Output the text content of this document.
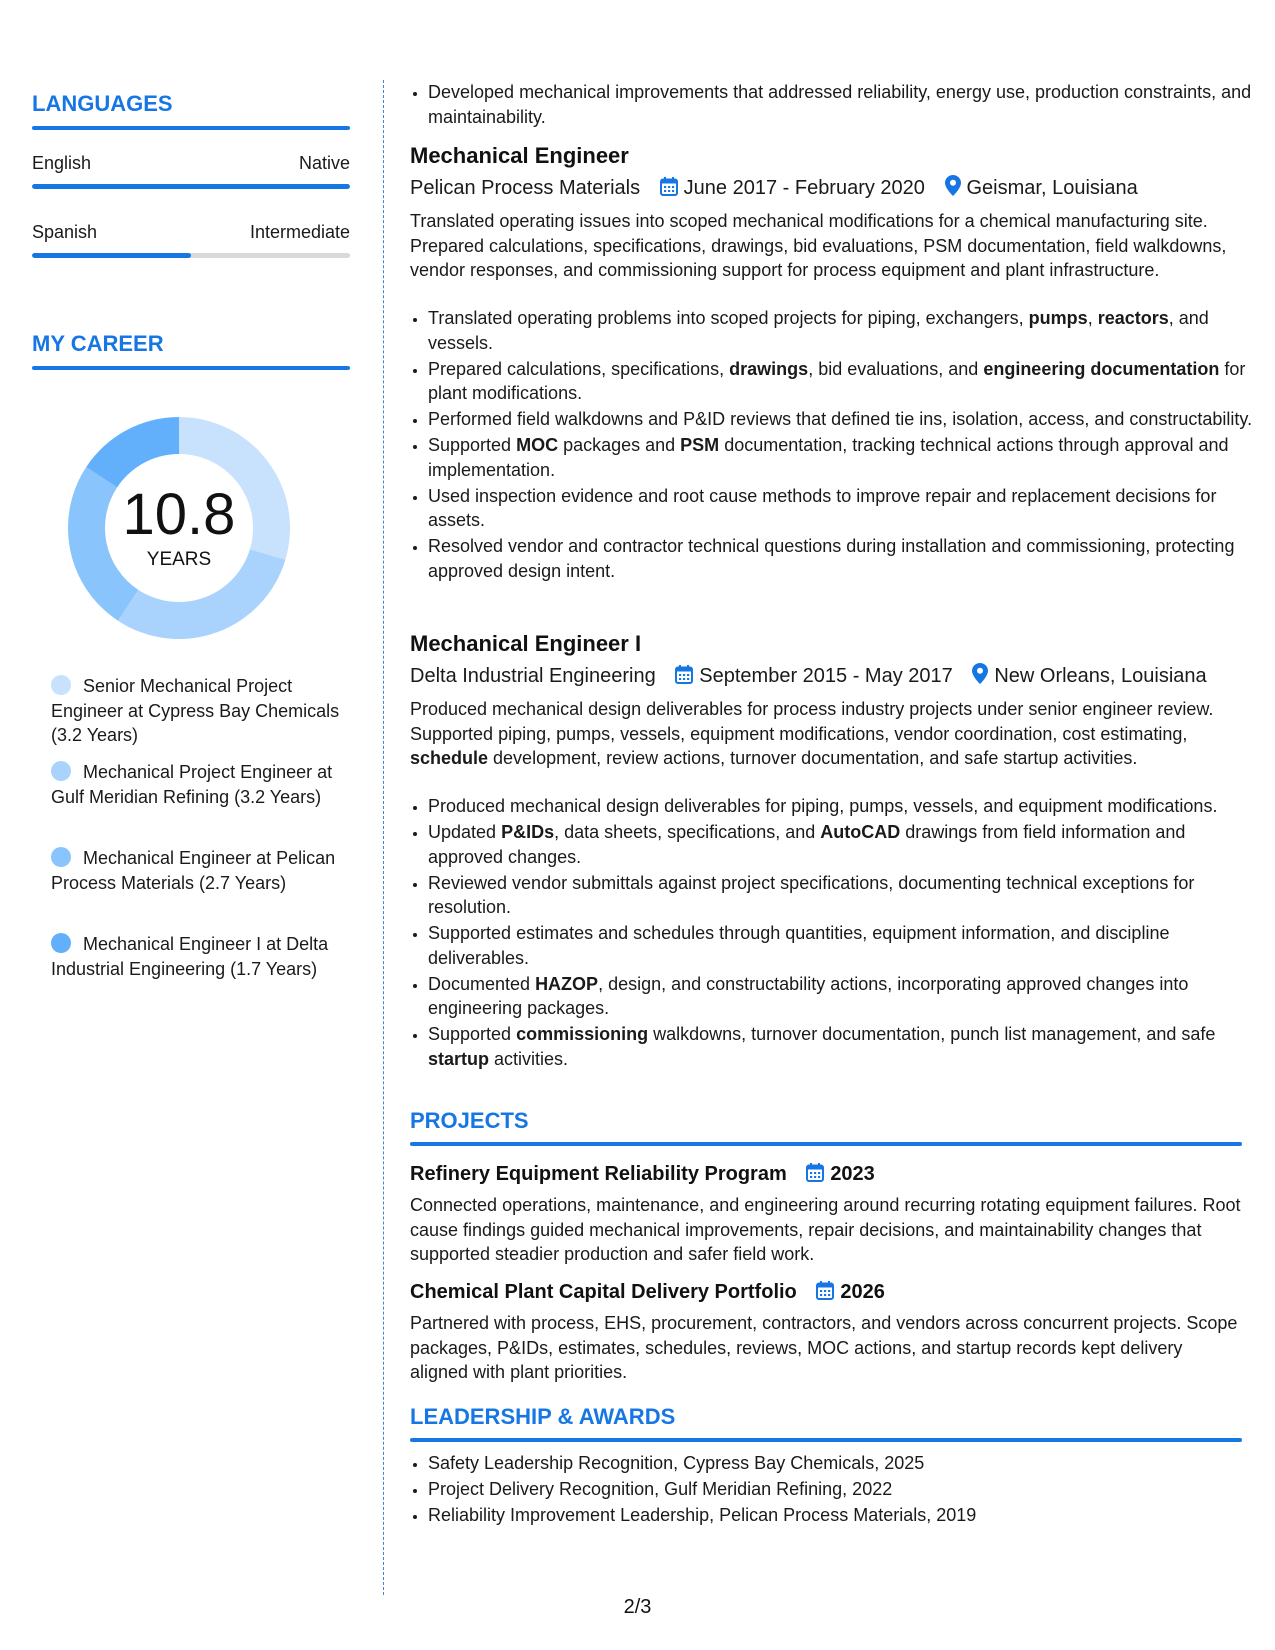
LANGUAGES
English	Native
Spanish	Intermediate
MY CAREER
10.8
YEARS
Senior Mechanical Project Engineer at Cypress Bay Chemicals (3.2 Years)
Mechanical Project Engineer at Gulf Meridian Refining (3.2 Years)
Mechanical Engineer at Pelican Process Materials (2.7 Years)
Mechanical Engineer I at Delta Industrial Engineering (1.7 Years)
• Developed mechanical improvements that addressed reliability, energy use, production constraints, and maintainability.
Mechanical Engineer
Pelican Process Materials June 2017 - February 2020 Geismar, Louisiana
Translated operating issues into scoped mechanical modifications for a chemical manufacturing site. Prepared calculations, specifications, drawings, bid evaluations, PSM documentation, field walkdowns, vendor responses, and commissioning support for process equipment and plant infrastructure.
• Translated operating problems into scoped projects for piping, exchangers, pumps, reactors, and vessels.
• Prepared calculations, specifications, drawings, bid evaluations, and engineering documentation for plant modifications.
• Performed field walkdowns and P&ID reviews that defined tie ins, isolation, access, and constructability.
• Supported MOC packages and PSM documentation, tracking technical actions through approval and implementation.
• Used inspection evidence and root cause methods to improve repair and replacement decisions for assets.
• Resolved vendor and contractor technical questions during installation and commissioning, protecting approved design intent.
Mechanical Engineer I
Delta Industrial Engineering September 2015 - May 2017 New Orleans, Louisiana
Produced mechanical design deliverables for process industry projects under senior engineer review. Supported piping, pumps, vessels, equipment modifications, vendor coordination, cost estimating, schedule development, review actions, turnover documentation, and safe startup activities.
• Produced mechanical design deliverables for piping, pumps, vessels, and equipment modifications.
• Updated P&IDs, data sheets, specifications, and AutoCAD drawings from field information and approved changes.
• Reviewed vendor submittals against project specifications, documenting technical exceptions for resolution.
• Supported estimates and schedules through quantities, equipment information, and discipline deliverables.
• Documented HAZOP, design, and constructability actions, incorporating approved changes into engineering packages.
• Supported commissioning walkdowns, turnover documentation, punch list management, and safe startup activities.
PROJECTS
Refinery Equipment Reliability Program 2023
Connected operations, maintenance, and engineering around recurring rotating equipment failures. Root cause findings guided mechanical improvements, repair decisions, and maintainability changes that supported steadier production and safer field work.
Chemical Plant Capital Delivery Portfolio 2026
Partnered with process, EHS, procurement, contractors, and vendors across concurrent projects. Scope packages, P&IDs, estimates, schedules, reviews, MOC actions, and startup records kept delivery aligned with plant priorities.
LEADERSHIP & AWARDS
• Safety Leadership Recognition, Cypress Bay Chemicals, 2025
• Project Delivery Recognition, Gulf Meridian Refining, 2022
• Reliability Improvement Leadership, Pelican Process Materials, 2019
2/3
